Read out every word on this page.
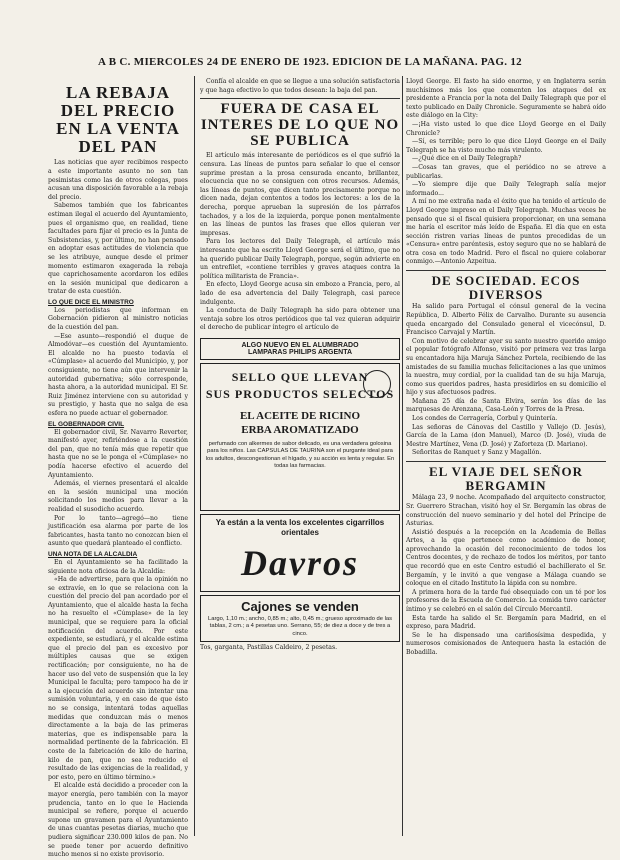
A B C. MIERCOLES 24 DE ENERO DE 1923. EDICION DE LA MAÑANA. PAG. 12
LA REBAJA DEL PRECIO EN LA VENTA DEL PAN

Las noticias que ayer recibimos respecto a este importante asunto no son tan pesimistas como las de otros colegas, pues acusan una disposición favorable a la rebaja del precio.

Sabemos también que los fabricantes estiman ilegal el acuerdo del Ayuntamiento, pues el organismo que, en realidad, tiene facultades para fijar el precio es la Junta de Subsistencias, y, por último, no han pensado en adoptar esas actitudes de violencia que se les atribuye, aunque desde el primer momento estimaron exagerada la rebaja que caprichosamente acordaron los ediles en la sesión municipal que dedicaron a tratar de esta cuestión.

LO QUE DICE EL MINISTRO

Los periodistas que informan en Gobernación pidieron al ministro noticias de la cuestión del pan.

—Ese asunto—respondió el duque de Almodóvar—es cuestión del Ayuntamiento. El alcalde no ha puesto todavía el «Cúmplase» al acuerdo del Municipio, y, por consiguiente, no tiene aún que intervenir la autoridad gubernativa; sólo corresponde, hasta ahora, a la autoridad municipal. El Sr. Ruiz Jiménez interviene con su autoridad y su prestigio, y hasta que no salga de esa esfera no puede actuar el gobernador.

EL GOBERNADOR CIVIL

El gobernador civil, Sr. Navarro Reverter, manifestó ayer, refiriéndose a la cuestión del pan, que no tenía más que repetir que hasta que no se le ponga el «Cúmplase» no podía hacerse efectivo el acuerdo del Ayuntamiento.

Además, el viernes presentará el alcalde en la sesión municipal una moción solicitando los medios para llevar a la realidad el susodicho acuerdo.

Por lo tanto—agregó—no tiene justificación esa alarma por parte de los fabricantes, hasta tanto no conozcan bien el asunto que quedará planteado el conflicto.

UNA NOTA DE LA ALCALDIA

En el Ayuntamiento se ha facilitado la siguiente nota oficiosa de la Alcaldía:

«Ha de advertirse, para que la opinión no se extravíe, en lo que se relaciona con la cuestión del precio del pan acordado por el Ayuntamiento, que el alcalde hasta la fecha no ha resuelto el «Cúmplase» de la ley municipal, que se requiere para la oficial notificación del acuerdo. Por este expediente, se estudiará, y el alcalde estima que el precio del pan es excesivo por múltiples causas que se exigen rectificación; por consiguiente, no ha de hacer uso del veto de suspensión que la ley Municipal le faculta; pero tampoco ha de ir a la ejecución del acuerdo sin intentar una sumisión voluntaria, y en caso de que ésto no se consiga, intentará todas aquellas medidas que conduzcan más o menos directamente a la baja de las primeras materias, que es indispensable para la normalidad pertinente de la fabricación. El coste de la fabricación de kilo de harina, kilo de pan, que no sea reducido el resultado de las exigencias de la realidad, y por esto, pero en último término.»

El alcalde está decidido a proceder con la mayor energía, pero también con la mayor prudencia, tanto en lo que le Hacienda municipal se refiere, porque el acuerdo supone un gravamen para el Ayuntamiento de unas cuantas pesetas diarias, mucho que pudiera significar 230.000 kilos de pan. No se puede tener por acuerdo definitivo mucho menos si no existe provisorio.

Confía el alcalde en que se llegue a una solución satisfactoria y que haga efectivo lo que todos desean: la baja del pan.

FUERA DE CASA EL INTERES DE LO QUE NO SE PUBLICA

El artículo más interesante de periódicos es el que sufrió la censura. Las líneas de puntos para señalar lo que el censor suprime prestan a la prosa censurada encanto, brillantez, elocuencia que no se consiguen con otros recursos. Además, las líneas de puntos, que dicen tanto precisamente porque no dicen nada, dejan contentos a todos los lectores: a los de la derecha, porque aprueban la supresión de los párrafos tachados, y a los de la izquierda, porque ponen mentalmente en las líneas de puntos las frases que ellos quieran ver impresas.

Para los lectores del Daily Telegraph, el artículo más interesante que ha escrito Lloyd George será el último, que no ha querido publicar Daily Telegraph, porque, según advierte en un entrefilet, «contiene terribles y graves ataques contra la política militarista de Francia».

En efecto, Lloyd George acusa sin embozo a Francia, pero, al lado de esa advertencia del Daily Telegraph, casi parece indulgente.

La conducta de Daily Telegraph ha sido para obtener una ventaja sobre los otros periódicos que tal vez quieran adquirir el derecho de publicar íntegro el artículo de

ALGO NUEVO EN EL ALUMBRADO
LAMPARAS PHILIPS ARGENTA
SELLO QUE LLEVAN
SUS PRODUCTOS SELECTOS
EL ACEITE DE RICINO
ERBA AROMATIZADO
perfumado con alkermes de sabor delicado, es una verdadera golosina para los niños. Las CAPSULAS DE TAURINA son el purgante ideal para los adultos, descongestionan el hígado, y su acción es lenta y regular. En todas las farmacias.
Ya están a la venta los excelentes cigarrillos orientales
Davros
Cajones se venden
Largo, 1,10 m.; ancho, 0,85 m.; alto, 0,45 m.; grueso aproximado de las tablas, 2 cm.; a 4 pesetas uno. Serrano, 55; de diez a doce y de tres a cinco.
Tos, garganta, Pastillas Caldeiro, 2 pesetas.

Lloyd George. El fasto ha sido enorme, y en Inglaterra serán muchísimos más los que comenten los ataques del ex presidente a Francia por la nota del Daily Telegraph que por el texto publicado en Daily Chronicle. Seguramente se habrá oído este diálogo en la City:

—¡Ha visto usted lo que dice Lloyd George en el Daily Chronicle?

—Sí, es terrible; pero lo que dice Lloyd George en el Daily Telegraph se ha visto mucho más virulento.

—¿Qué dice en el Daily Telegraph?

—Cosas tan graves, que el periódico no se atreve a publicarlas.

—Yo siempre dije que Daily Telegraph salía mejor informado...

A mí no me extraña nada el éxito que ha tenido el artículo de Lloyd George impreso en el Daily Telegraph. Muchas veces he pensado que si el fiscal quisiera proporcionar, en una semana me haría el escritor más leído de España. El día que en esta sección ristren varias líneas de puntos precedidas de un «Censura» entre paréntesis, estoy seguro que no se hablará de otra cosa en todo Madrid. Pero el fiscal no quiere colaborar conmigo.—Antonio Azpeitua.

DE SOCIEDAD. ECOS DIVERSOS

Ha salido para Portugal el cónsul general de la vecina República, D. Alberto Félix de Carvalho. Durante su ausencia queda encargado del Consulado general el vicecónsul, D. Francisco Carvajal y Martín.

Con motivo de celebrar ayer su santo nuestro querido amigo el popular fotógrafo Alfonso, visitó por primera vez tras larga su encantadora hija Maruja Sánchez Portela, recibiendo de las amistades de su familia muchas felicitaciones a las que unimos la nuestra, muy cordial, por la cualidad tan de su hija Maruja, como sus queridos padres, hasta presidirlos en su domicilio el hijo y sus afectuosos padres.

Mañana 25 día de Santa Elvira, serán los días de las marquesas de Arenzana, Casa-León y Torres de la Presa.

Los condes de Cerragería, Corbul y Quintería.

Las señoras de Cánovas del Castillo y Vallejo (D. Jesús), García de la Lama (don Manuel), Marco (D. José), viuda de Mestre Martínez, Vena (D. José) y Zaforteza (D. Mariano).

Señoritas de Ranquet y Sanz y Magallón.

EL VIAJE DEL SEÑOR BERGAMIN

Málaga 23, 9 noche. Acompañado del arquitecto constructor, Sr. Guerrero Strachan, visitó hoy el Sr. Bergamín las obras de construcción del nuevo seminario y del hotel del Príncipe de Asturias.

Asistió después a la recepción en la Academia de Bellas Artes, a la que pertenece como académico de honor, aprovechando la ocasión del reconocimiento de todos los Centros docentes, y de rechazo de todos los méritos, por tanto que recordó que en este Centro estudió el bachillerato el Sr. Bergamín, y le invitó a que vengase a Málaga cuando se coloque en el citado Instituto la lápida con su nombre.

A primera hora de la tarde fué obsequiado con un té por los profesores de la Escuela de Comercio. La comida tuvo carácter íntimo y se celebró en el salón del Círculo Mercantil.

Esta tarde ha salido el Sr. Bergamín para Madrid, en el expreso, para Madrid.

Se le ha dispensado una cariñosísima despedida, y numerosos comisionados de Antequera hasta la estación de Bobadilla.
